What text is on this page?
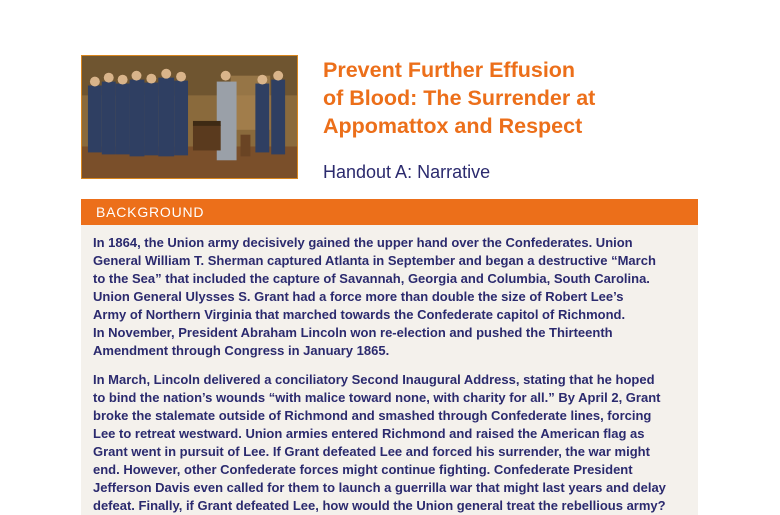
Prevent Further Effusion
of Blood: The Surrender at
Appomattox and Respect
Handout A: Narrative
BACKGROUND
In 1864, the Union army decisively gained the upper hand over the Confederates. Union
General William T. Sherman captured Atlanta in September and began a destructive “March
to the Sea” that included the capture of Savannah, Georgia and Columbia, South Carolina.
Union General Ulysses S. Grant had a force more than double the size of Robert Lee’s
Army of Northern Virginia that marched towards the Confederate capitol of Richmond.
In November, President Abraham Lincoln won re-election and pushed the Thirteenth
Amendment through Congress in January 1865.
In March, Lincoln delivered a conciliatory Second Inaugural Address, stating that he hoped
to bind the nation’s wounds “with malice toward none, with charity for all.” By April 2, Grant
broke the stalemate outside of Richmond and smashed through Confederate lines, forcing
Lee to retreat westward. Union armies entered Richmond and raised the American flag as
Grant went in pursuit of Lee. If Grant defeated Lee and forced his surrender, the war might
end. However, other Confederate forces might continue fighting. Confederate President
Jefferson Davis even called for them to launch a guerrilla war that might last years and delay
defeat. Finally, if Grant defeated Lee, how would the Union general treat the rebellious army?
